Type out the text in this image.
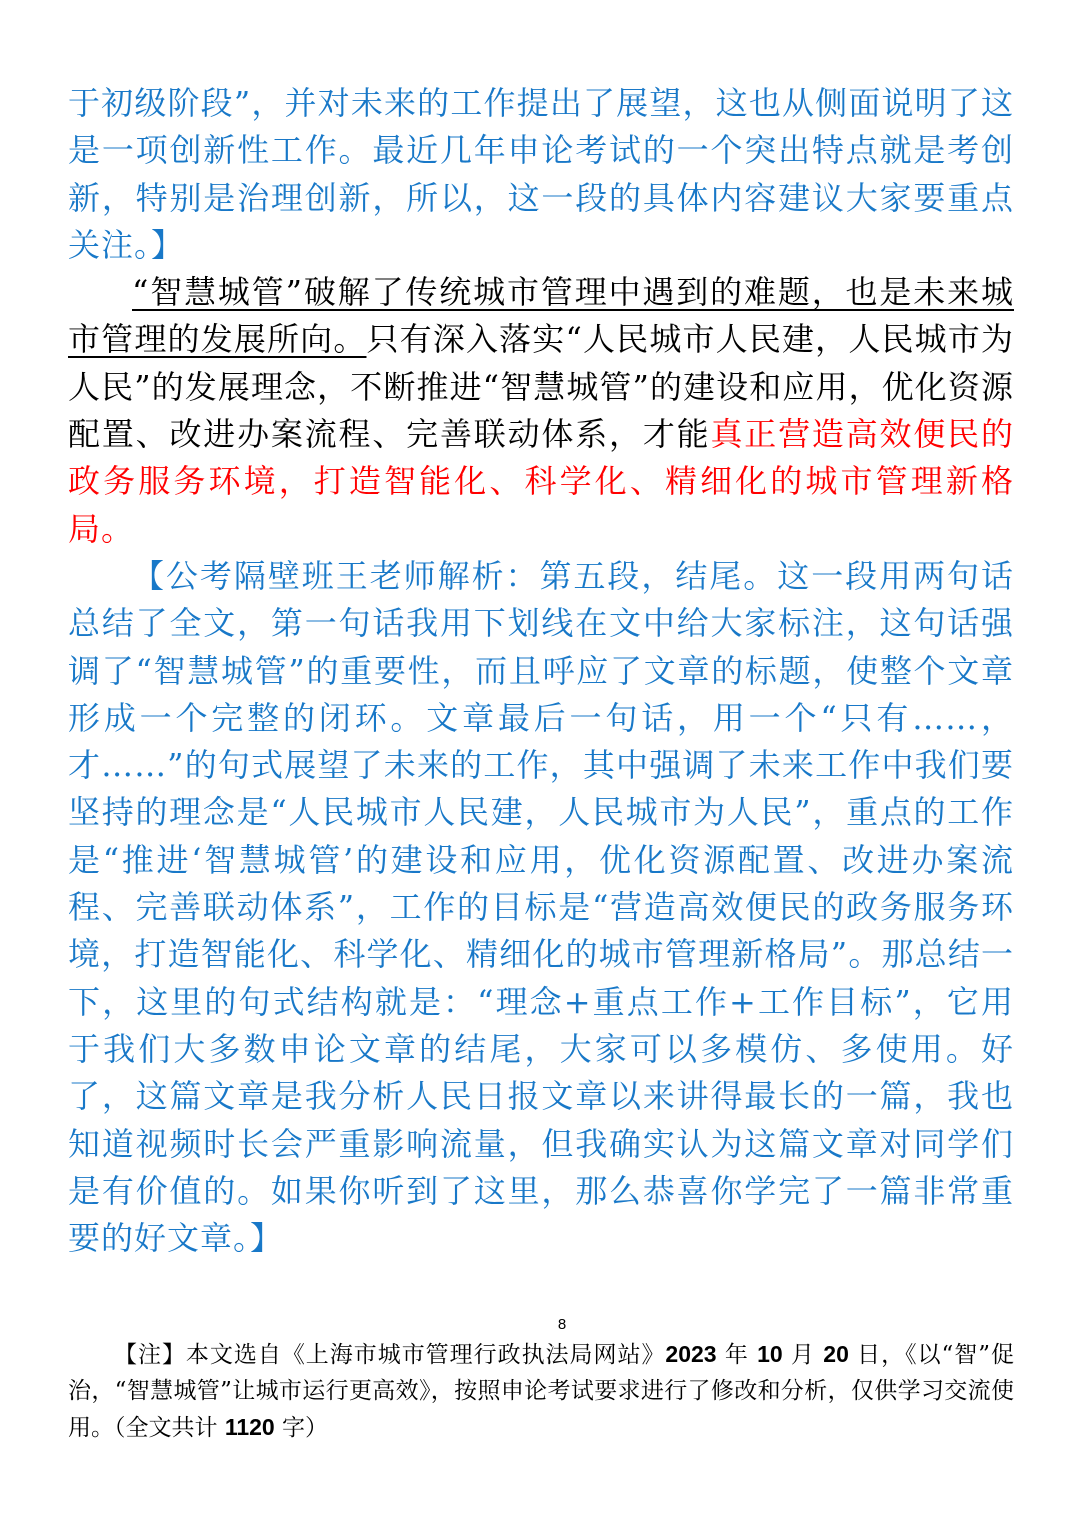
于初级阶段”，并对未来的工作提出了展望，这也从侧面说明了这是一项创新性工作。最近几年申论考试的一个突出特点就是考创新，特别是治理创新，所以，这一段的具体内容建议大家要重点关注。】

“智慧城管”破解了传统城市管理中遇到的难题，也是未来城市管理的发展所向。只有深入落实“人民城市人民建，人民城市为人民”的发展理念，不断推进“智慧城管”的建设和应用，优化资源配置、改进办案流程、完善联动体系，才能真正营造高效便民的政务服务环境，打造智能化、科学化、精细化的城市管理新格局。

【公考隔壁班王老师解析：第五段，结尾。这一段用两句话总结了全文，第一句话我用下划线在文中给大家标注，这句话强调了“智慧城管”的重要性，而且呼应了文章的标题，使整个文章形成一个完整的闭环。文章最后一句话，用一个“只有……，才……”的句式展望了未来的工作，其中强调了未来工作中我们要坚持的理念是“人民城市人民建，人民城市为人民”，重点的工作是“推进‘智慧城管’的建设和应用，优化资源配置、改进办案流程、完善联动体系”，工作的目标是“营造高效便民的政务服务环境，打造智能化、科学化、精细化的城市管理新格局”。那总结一下，这里的句式结构就是：“理念+重点工作+工作目标”，它用于我们大多数申论文章的结尾，大家可以多模仿、多使用。好了，这篇文章是我分析人民日报文章以来讲得最长的一篇，我也知道视频时长会严重影响流量，但我确实认为这篇文章对同学们是有价值的。如果你听到了这里，那么恭喜你学完了一篇非常重要的好文章。】

8
【注】本文选自《上海市城市管理行政执法局网站》2023 年 10 月 20 日，《以“智”促治，“智慧城管”让城市运行更高效》，按照申论考试要求进行了修改和分析，仅供学习交流使用。（全文共计 1120 字）
